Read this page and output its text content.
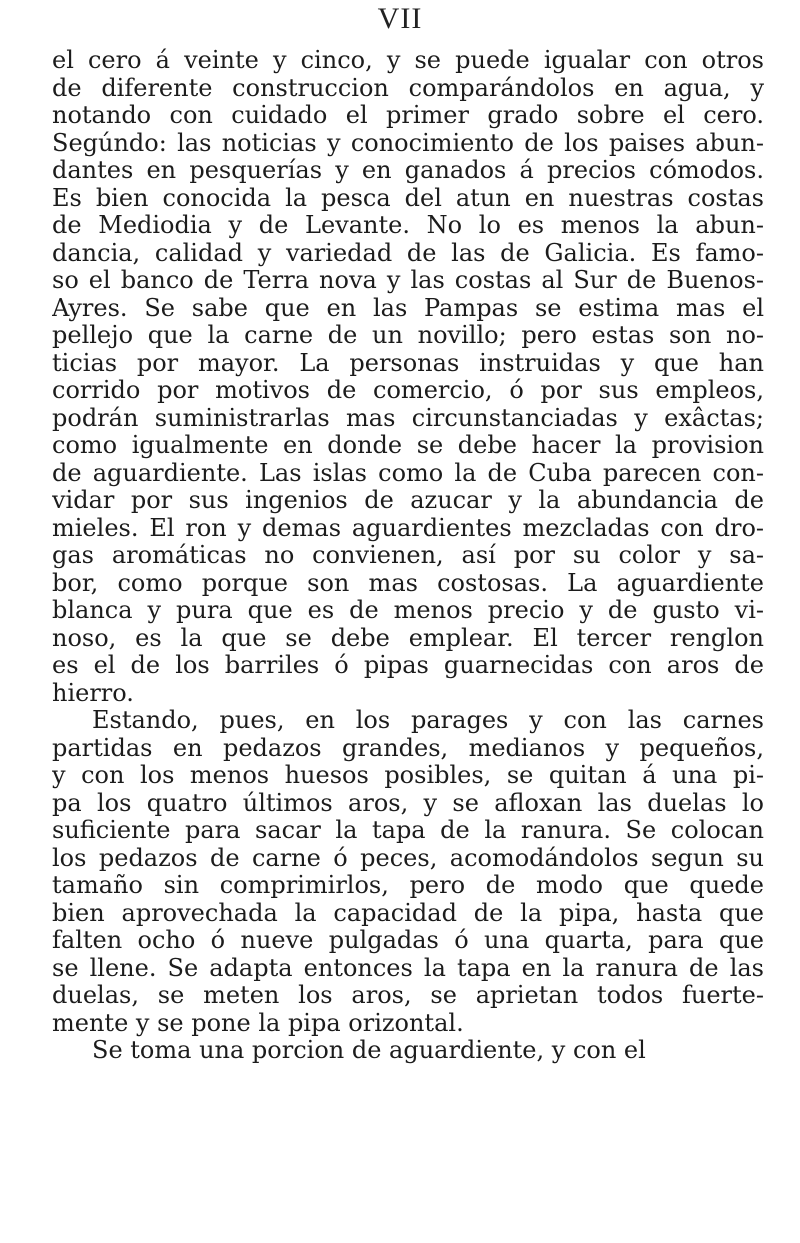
VII
el cero á veinte y cinco, y se puede igualar con otros
de diferente construccion comparándolos en agua, y
notando con cuidado el primer grado sobre el cero.
Segúndo: las noticias y conocimiento de los paises abun-
dantes en pesquerías y en ganados á precios cómodos.
Es bien conocida la pesca del atun en nuestras costas
de Mediodia y de Levante. No lo es menos la abun-
dancia, calidad y variedad de las de Galicia. Es famo-
so el banco de Terra nova y las costas al Sur de Buenos-
Ayres. Se sabe que en las Pampas se estima mas el
pellejo que la carne de un novillo; pero estas son no-
ticias por mayor. La personas instruidas y que han
corrido por motivos de comercio, ó por sus empleos,
podrán suministrarlas mas circunstanciadas y exâctas;
como igualmente en donde se debe hacer la provision
de aguardiente. Las islas como la de Cuba parecen con-
vidar por sus ingenios de azucar y la abundancia de
mieles. El ron y demas aguardientes mezcladas con dro-
gas aromáticas no convienen, así por su color y sa-
bor, como porque son mas costosas. La aguardiente
blanca y pura que es de menos precio y de gusto vi-
noso, es la que se debe emplear. El tercer renglon
es el de los barriles ó pipas guarnecidas con aros de
hierro.
Estando, pues, en los parages y con las carnes
partidas en pedazos grandes, medianos y pequeños,
y con los menos huesos posibles, se quitan á una pi-
pa los quatro últimos aros, y se afloxan las duelas lo
suficiente para sacar la tapa de la ranura. Se colocan
los pedazos de carne ó peces, acomodándolos segun su
tamaño sin comprimirlos, pero de modo que quede
bien aprovechada la capacidad de la pipa, hasta que
falten ocho ó nueve pulgadas ó una quarta, para que
se llene. Se adapta entonces la tapa en la ranura de las
duelas, se meten los aros, se aprietan todos fuerte-
mente y se pone la pipa orizontal.
Se toma una porcion de aguardiente, y con el
